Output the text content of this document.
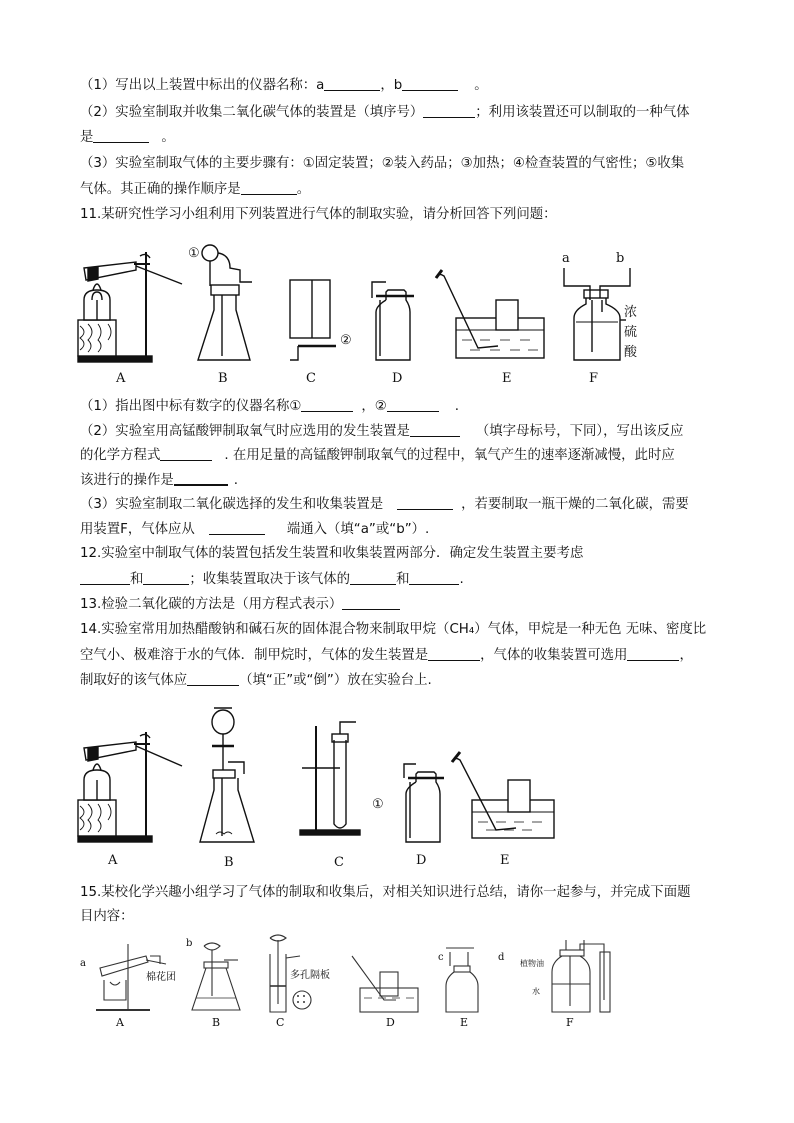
（1）写出以上装置中标出的仪器名称：a	，b	。
（2）实验室制取并收集二氧化碳气体的装置是（填序号）	；利用该装置还可以制取的一种气体
是	。
（3）实验室制取气体的主要步骤有：①固定装置；②装入药品；③加热；④检查装置的气密性；⑤收集
气体。其正确的操作顺序是	。
11.某研究性学习小组利用下列装置进行气体的制取实验，请分析回答下列问题：
①
②
a	b
浓
硫
酸
A	B	C	D	E	F
（1）指出图中标有数字的仪器名称①	，②	.
（2）实验室用高锰酸钾制取氧气时应选用的发生装置是	（填字母标号，下同），写出该反应
的化学方程式	. 在用足量的高锰酸钾制取氧气的过程中，氧气产生的速率逐渐减慢，此时应
该进行的操作是	.
（3）实验室制取二氧化碳选择的发生和收集装置是	，若要制取一瓶干燥的二氧化碳，需要
用装置F，气体应从	端通入（填“a”或“b”）.
12.实验室中制取气体的装置包括发生装置和收集装置两部分．确定发生装置主要考虑
和	；收集装置取决于该气体的	和	.
13.检验二氧化碳的方法是（用方程式表示）
14.实验室常用加热醋酸钠和碱石灰的固体混合物来制取甲烷（CH₄）气体，甲烷是一种无色 无味、密度比
空气小、极难溶于水的气体．制甲烷时，气体的发生装置是	，气体的收集装置可选用	，
制取好的该气体应	（填“正”或“倒”）放在实验台上.
①
A	B	C	D	E
15.某校化学兴趣小组学习了气体的制取和收集后，对相关知识进行总结，请你一起参与，并完成下面题
目内容：
a
b
c	d
棉花团	多孔隔板
植物油
水
A	B	C	D	E	F
